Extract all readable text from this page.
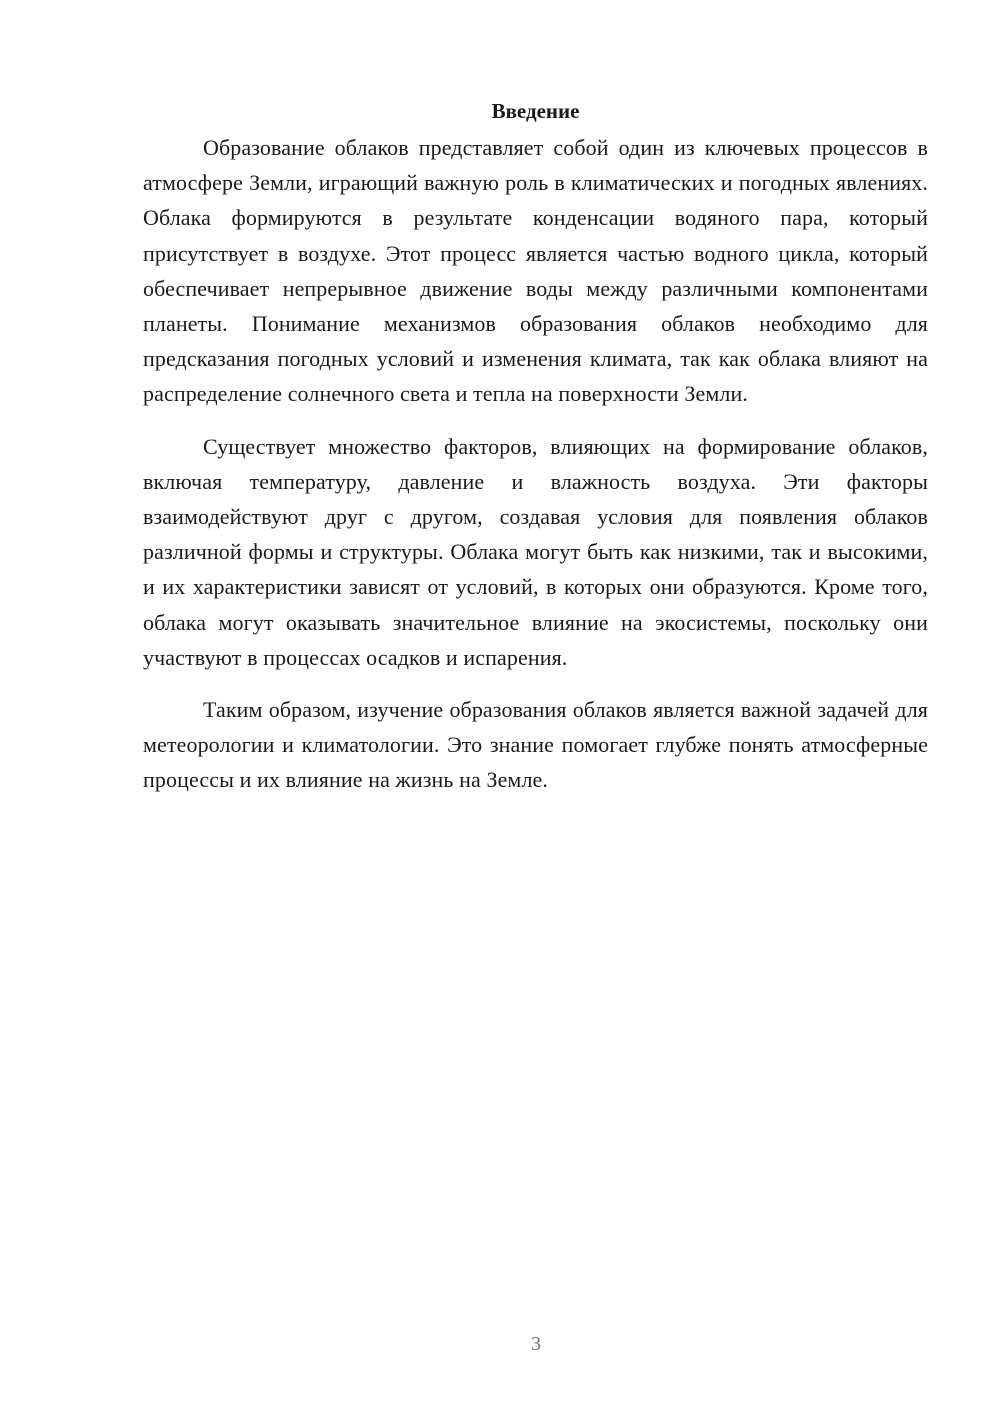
Введение

Образование облаков представляет собой один из ключевых процессов в атмосфере Земли, играющий важную роль в климатических и погодных явлениях. Облака формируются в результате конденсации водяного пара, который присутствует в воздухе. Этот процесс является частью водного цикла, который обеспечивает непрерывное движение воды между различными компонентами планеты. Понимание механизмов образования облаков необходимо для предсказания погодных условий и изменения климата, так как облака влияют на распределение солнечного света и тепла на поверхности Земли.

Существует множество факторов, влияющих на формирование облаков, включая температуру, давление и влажность воздуха. Эти факторы взаимодействуют друг с другом, создавая условия для появления облаков различной формы и структуры. Облака могут быть как низкими, так и высокими, и их характеристики зависят от условий, в которых они образуются. Кроме того, облака могут оказывать значительное влияние на экосистемы, поскольку они участвуют в процессах осадков и испарения.

Таким образом, изучение образования облаков является важной задачей для метеорологии и климатологии. Это знание помогает глубже понять атмосферные процессы и их влияние на жизнь на Земле.

3
